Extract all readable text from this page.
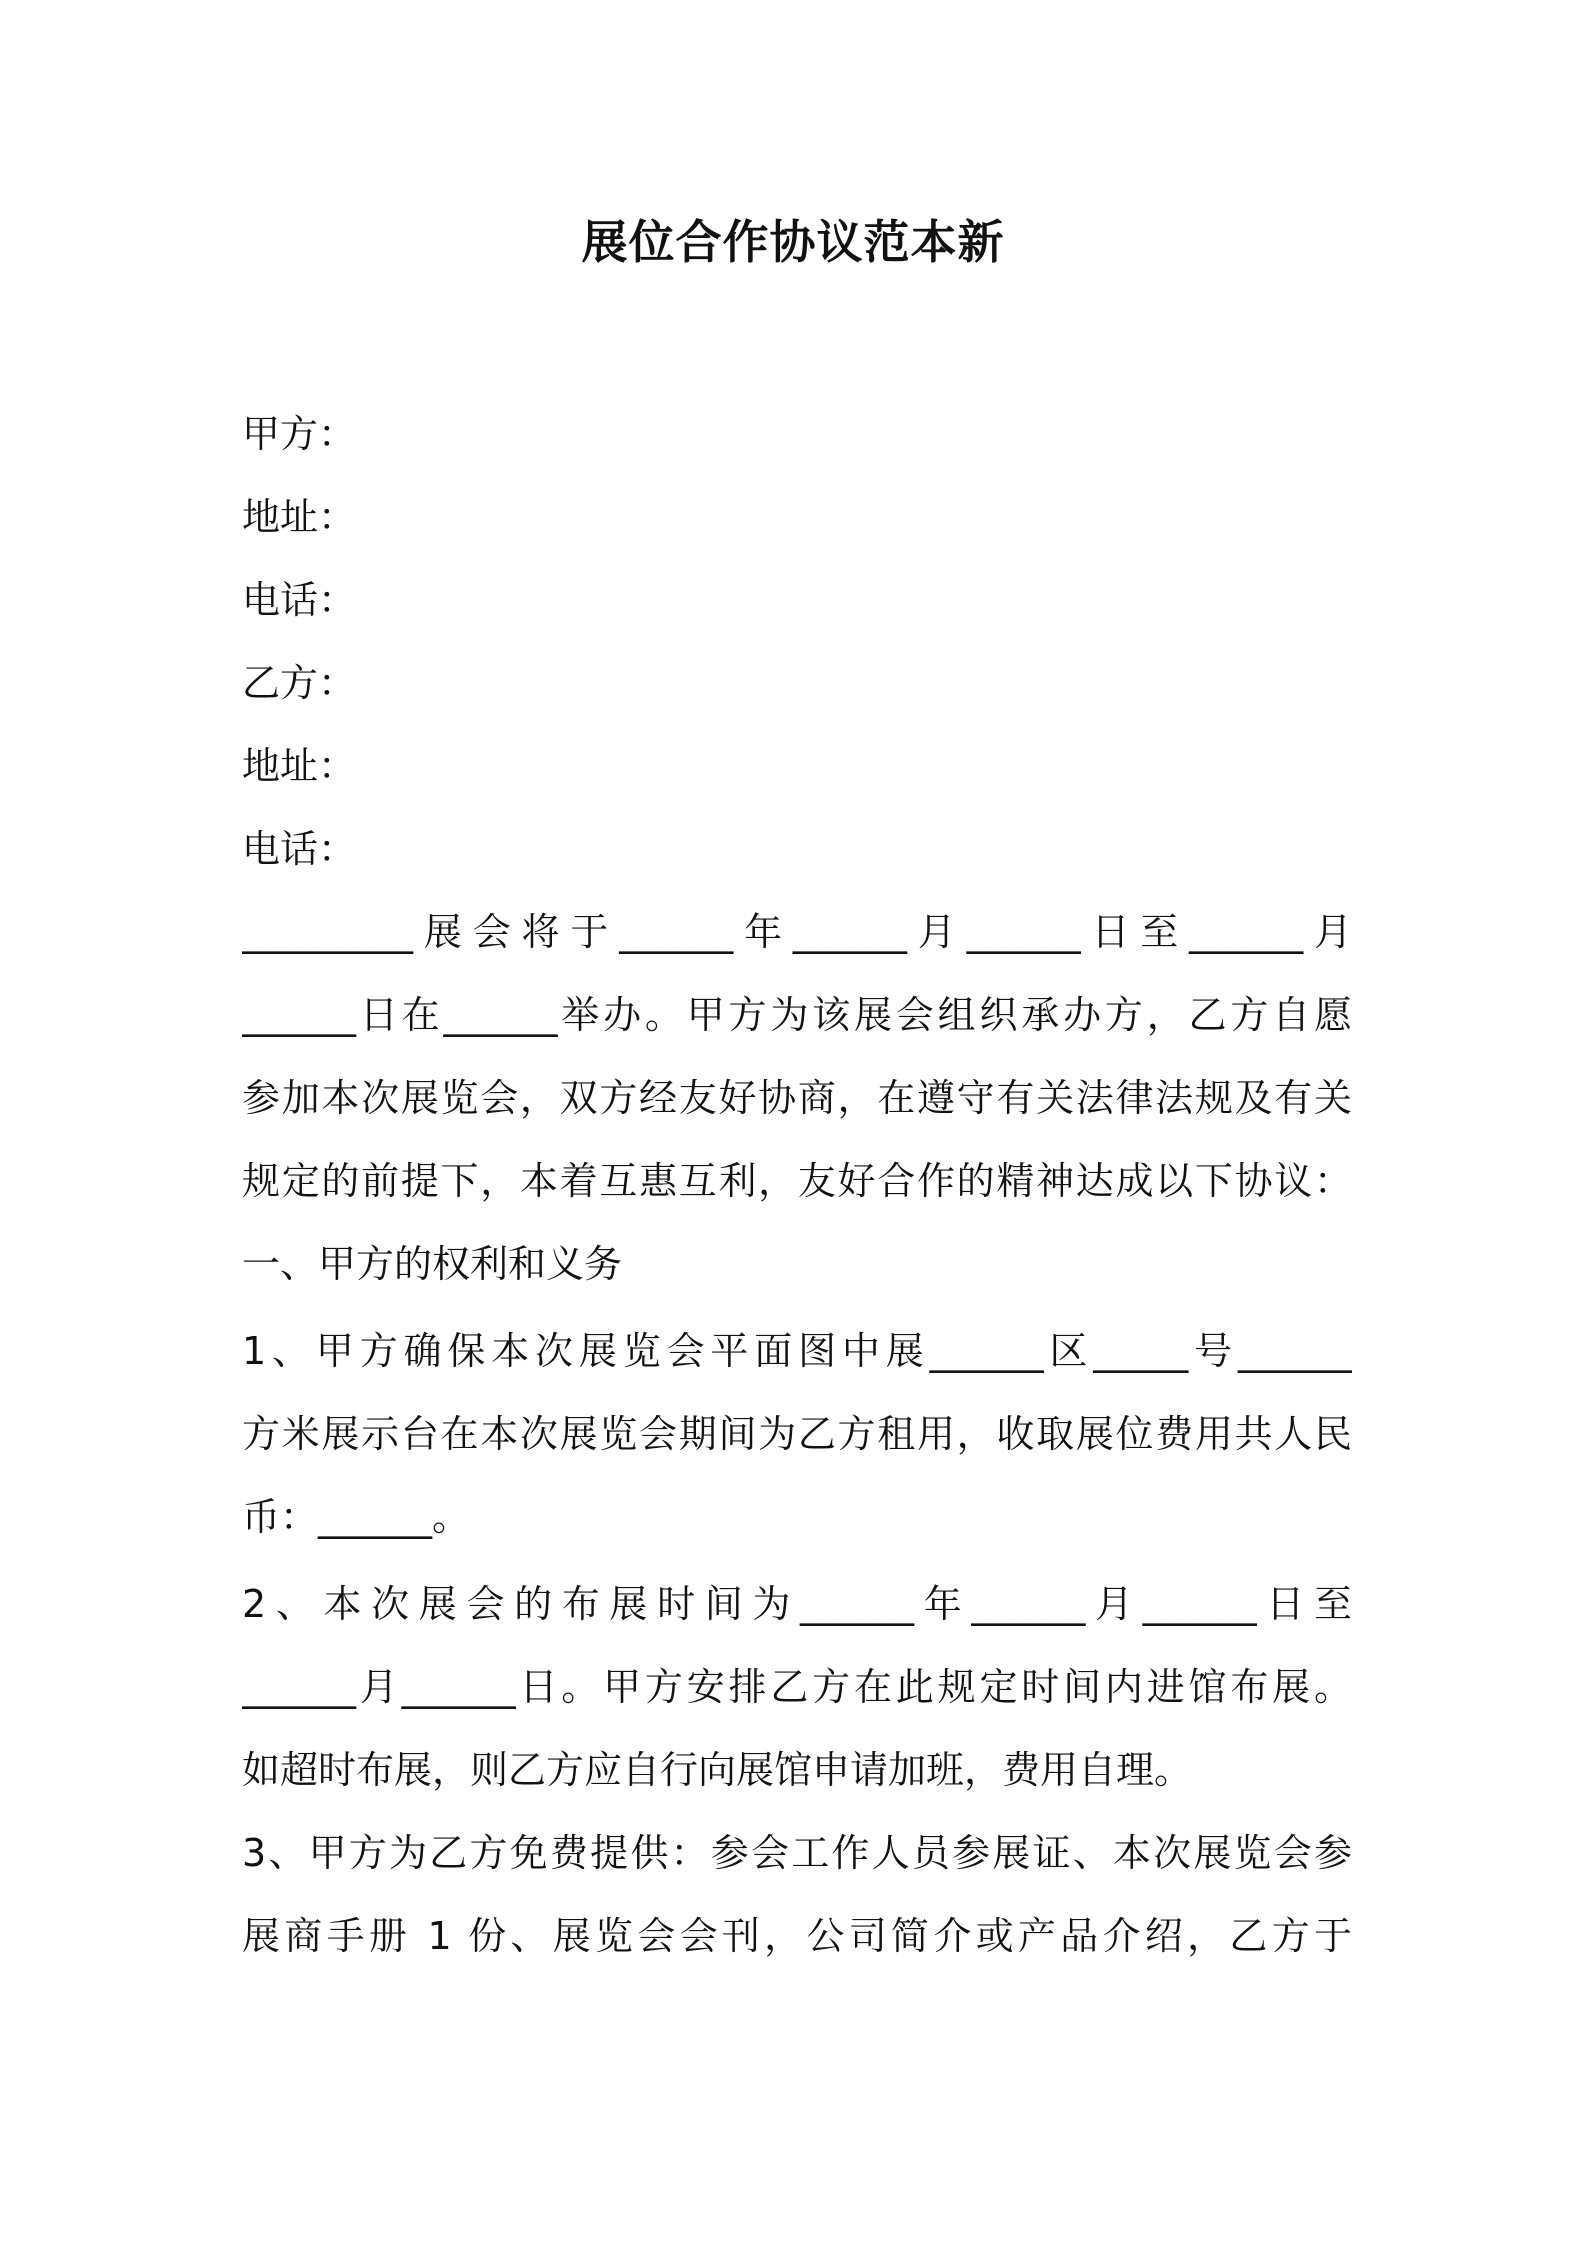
展位合作协议范本新
甲方：
地址：
电话：
乙方：
地址：
电话：
_________展会将于______年______月______日至______月
______日在______举办。甲方为该展会组织承办方，乙方自愿
参加本次展览会，双方经友好协商，在遵守有关法律法规及有关
规定的前提下，本着互惠互利，友好合作的精神达成以下协议：
一、甲方的权利和义务
1、甲方确保本次展览会平面图中展______区_____号______
方米展示台在本次展览会期间为乙方租用，收取展位费用共人民
币：______。
2、本次展会的布展时间为______年______月______日至
______月______日。甲方安排乙方在此规定时间内进馆布展。
如超时布展，则乙方应自行向展馆申请加班，费用自理。
3、甲方为乙方免费提供：参会工作人员参展证、本次展览会参
展商手册 1 份、展览会会刊，公司简介或产品介绍，乙方于
